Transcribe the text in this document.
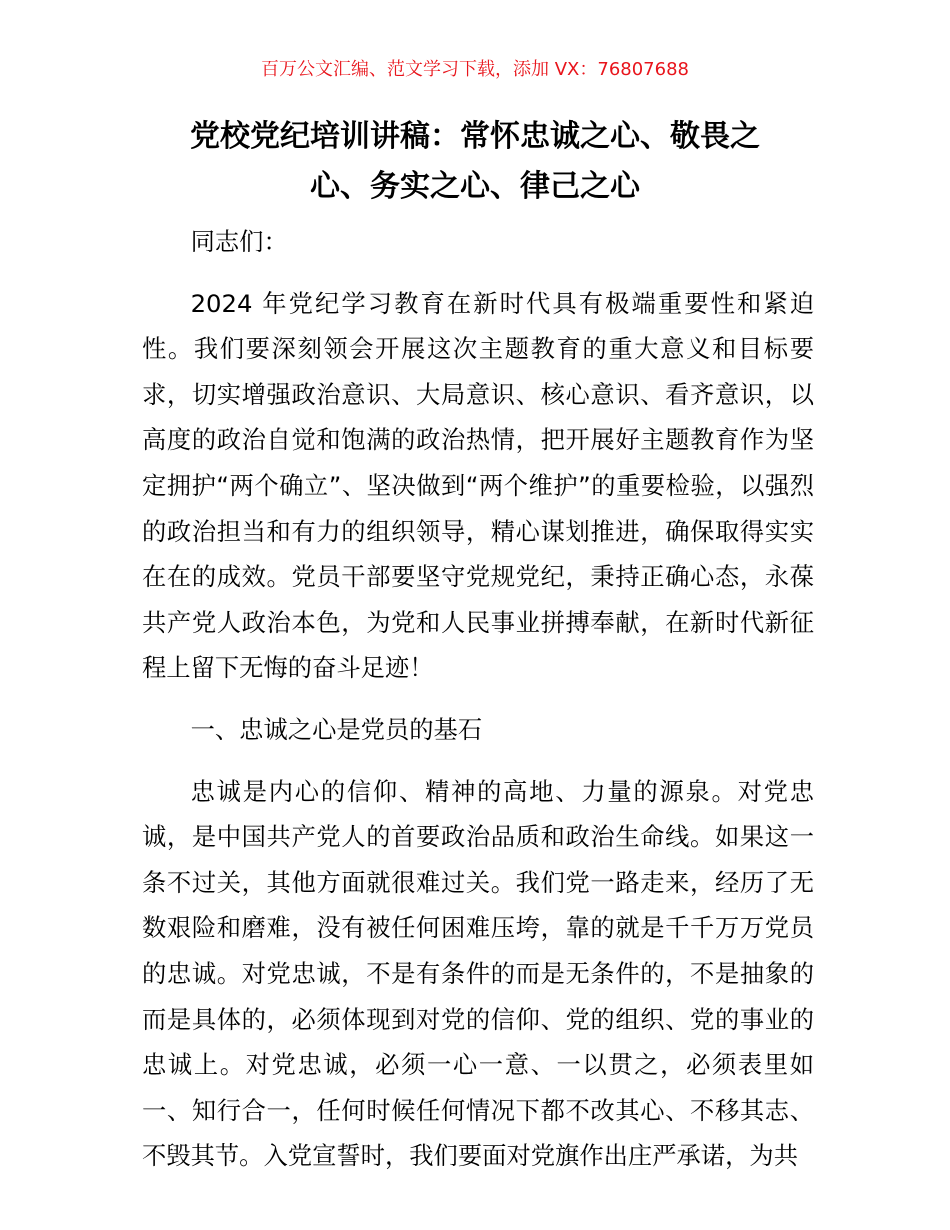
百万公文汇编、范文学习下载，添加 VX：76807688
党校党纪培训讲稿：常怀忠诚之心、敬畏之
心、务实之心、律己之心

同志们：

2024 年党纪学习教育在新时代具有极端重要性和紧迫性。我们要深刻领会开展这次主题教育的重大意义和目标要求，切实增强政治意识、大局意识、核心意识、看齐意识，以高度的政治自觉和饱满的政治热情，把开展好主题教育作为坚定拥护“两个确立”、坚决做到“两个维护”的重要检验，以强烈的政治担当和有力的组织领导，精心谋划推进，确保取得实实在在的成效。党员干部要坚守党规党纪，秉持正确心态，永葆共产党人政治本色，为党和人民事业拼搏奉献，在新时代新征程上留下无悔的奋斗足迹！

一、忠诚之心是党员的基石

忠诚是内心的信仰、精神的高地、力量的源泉。对党忠诚，是中国共产党人的首要政治品质和政治生命线。如果这一条不过关，其他方面就很难过关。我们党一路走来，经历了无数艰险和磨难，没有被任何困难压垮，靠的就是千千万万党员的忠诚。对党忠诚，不是有条件的而是无条件的，不是抽象的而是具体的，必须体现到对党的信仰、党的组织、党的事业的忠诚上。对党忠诚，必须一心一意、一以贯之，必须表里如一、知行合一，任何时候任何情况下都不改其心、不移其志、不毁其节。入党宣誓时，我们要面对党旗作出庄严承诺，为共
